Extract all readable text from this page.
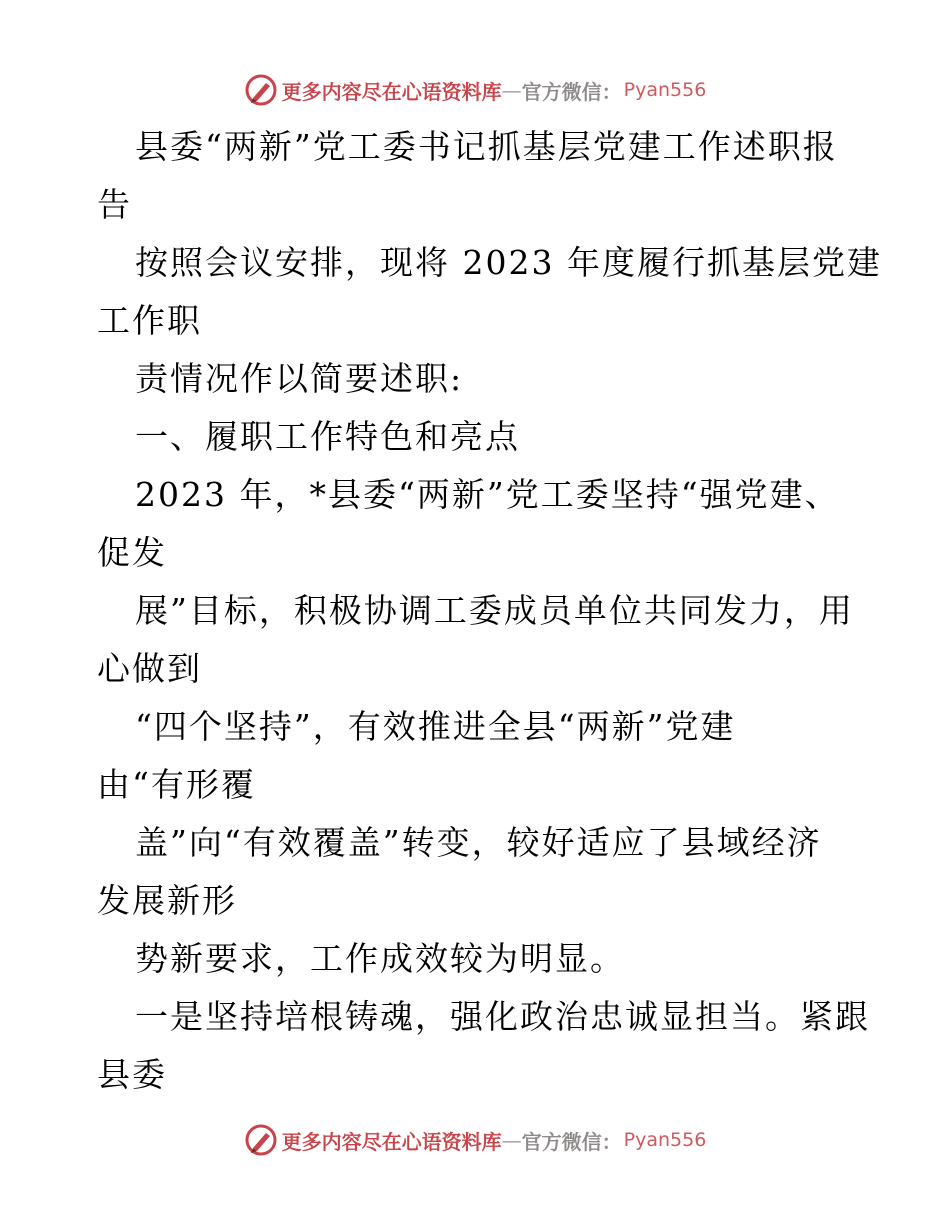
更多内容尽在心语资料库 — 官方微信： Pyan556
县委“两新”党工委书记抓基层党建工作述职报
告
按照会议安排，现将 2023 年度履行抓基层党建
工作职
责情况作以简要述职:
一、履职工作特色和亮点
2023 年，*县委“两新”党工委坚持“强党建、
促发
展”目标，积极协调工委成员单位共同发力，用
心做到
“四个坚持”，有效推进全县“两新”党建
由“有形覆
盖”向“有效覆盖”转变，较好适应了县域经济
发展新形
势新要求，工作成效较为明显。
一是坚持培根铸魂，强化政治忠诚显担当。紧跟
县委
更多内容尽在心语资料库 — 官方微信： Pyan556
